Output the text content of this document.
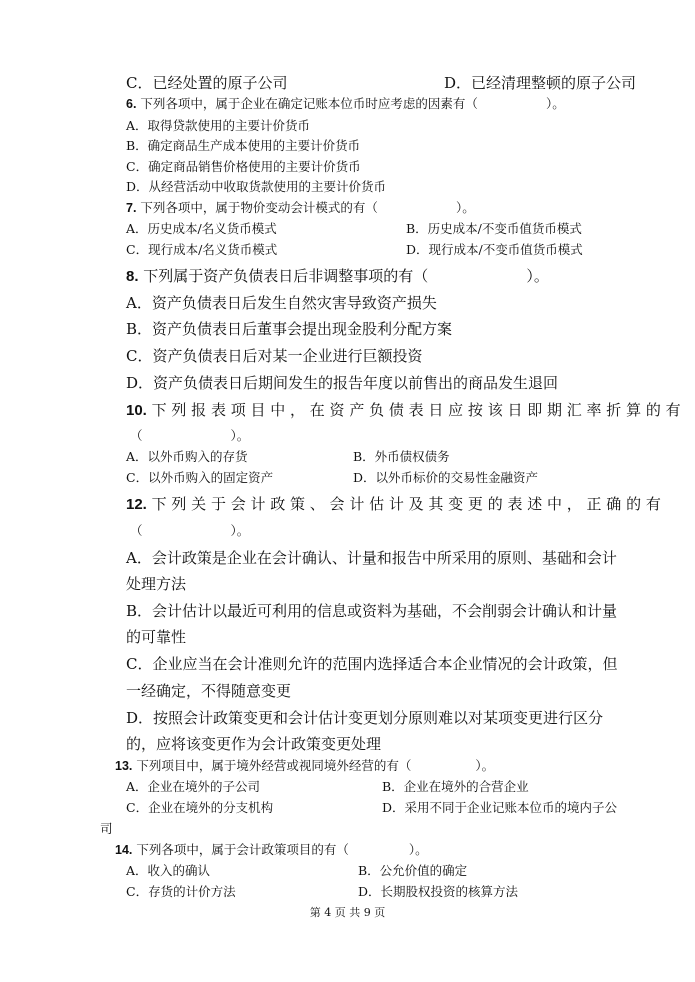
C．已经处置的原子公司	D．已经清理整顿的原子公司
6. 下列各项中，属于企业在确定记账本位币时应考虑的因素有（	）。
A．取得贷款使用的主要计价货币
B．确定商品生产成本使用的主要计价货币
C．确定商品销售价格使用的主要计价货币
D．从经营活动中收取货款使用的主要计价货币
7. 下列各项中，属于物价变动会计模式的有（	）。
A．历史成本/名义货币模式	B．历史成本/不变币值货币模式
C．现行成本/名义货币模式	D．现行成本/不变币值货币模式
8. 下列属于资产负债表日后非调整事项的有（	）。
A．资产负债表日后发生自然灾害导致资产损失
B．资产负债表日后董事会提出现金股利分配方案
C．资产负债表日后对某一企业进行巨额投资
D．资产负债表日后期间发生的报告年度以前售出的商品发生退回
10. 下 列 报 表 项 目 中 ， 在 资 产 负 债 表 日 应 按 该 日 即 期 汇 率 折 算 的 有
（	）。
A．以外币购入的存货	B．外币债权债务
C．以外币购入的固定资产	D．以外币标价的交易性金融资产
12. 下 列 关 于 会 计 政 策 、 会 计 估 计 及 其 变 更 的 表 述 中 ， 正 确 的 有
（	）。
A．会计政策是企业在会计确认、计量和报告中所采用的原则、基础和会计
处理方法
B．会计估计以最近可利用的信息或资料为基础，不会削弱会计确认和计量
的可靠性
C．企业应当在会计准则允许的范围内选择适合本企业情况的会计政策，但
一经确定，不得随意变更
D．按照会计政策变更和会计估计变更划分原则难以对某项变更进行区分
的，应将该变更作为会计政策变更处理
13. 下列项目中，属于境外经营或视同境外经营的有（	）。
A．企业在境外的子公司	B．企业在境外的合营企业
C．企业在境外的分支机构	D．采用不同于企业记账本位币的境内子公
司
14. 下列各项中，属于会计政策项目的有（	）。
A．收入的确认	B．公允价值的确定
C．存货的计价方法	D．长期股权投资的核算方法
第 4 页 共 9 页
